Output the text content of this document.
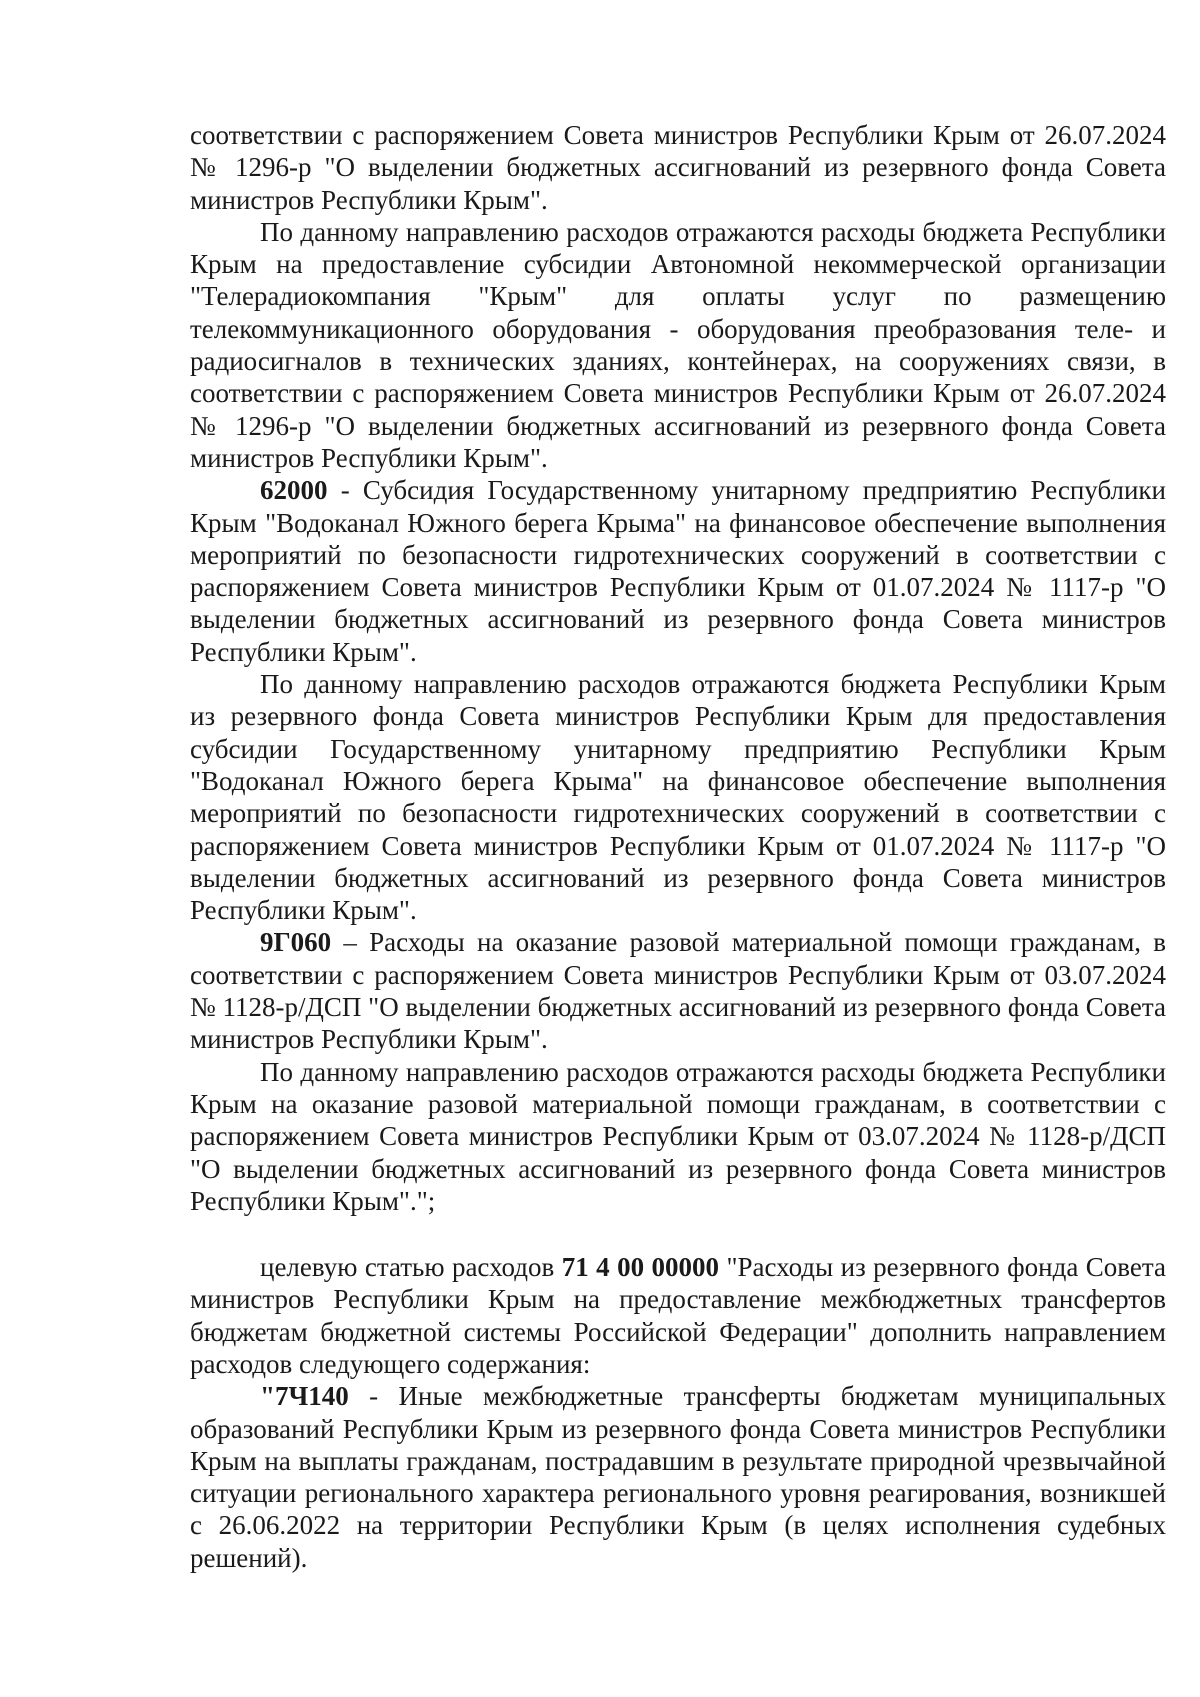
соответствии с распоряжением Совета министров Республики Крым от 26.07.2024 № 1296-р "О выделении бюджетных ассигнований из резервного фонда Совета министров Республики Крым".

По данному направлению расходов отражаются расходы бюджета Республики Крым на предоставление субсидии Автономной некоммерческой организации "Телерадиокомпания "Крым" для оплаты услуг по размещению телекоммуникационного оборудования - оборудования преобразования теле- и радиосигналов в технических зданиях, контейнерах, на сооружениях связи, в соответствии с распоряжением Совета министров Республики Крым от 26.07.2024 № 1296-р "О выделении бюджетных ассигнований из резервного фонда Совета министров Республики Крым".

62000 - Субсидия Государственному унитарному предприятию Республики Крым "Водоканал Южного берега Крыма" на финансовое обеспечение выполнения мероприятий по безопасности гидротехнических сооружений в соответствии с распоряжением Совета министров Республики Крым от 01.07.2024 № 1117-р "О выделении бюджетных ассигнований из резервного фонда Совета министров Республики Крым".

По данному направлению расходов отражаются бюджета Республики Крым из резервного фонда Совета министров Республики Крым для предоставления субсидии Государственному унитарному предприятию Республики Крым "Водоканал Южного берега Крыма" на финансовое обеспечение выполнения мероприятий по безопасности гидротехнических сооружений в соответствии с распоряжением Совета министров Республики Крым от 01.07.2024 № 1117-р "О выделении бюджетных ассигнований из резервного фонда Совета министров Республики Крым".

9Г060 – Расходы на оказание разовой материальной помощи гражданам, в соответствии с распоряжением Совета министров Республики Крым от 03.07.2024 № 1128-р/ДСП "О выделении бюджетных ассигнований из резервного фонда Совета министров Республики Крым".

По данному направлению расходов отражаются расходы бюджета Республики Крым на оказание разовой материальной помощи гражданам, в соответствии с распоряжением Совета министров Республики Крым от 03.07.2024 № 1128-р/ДСП "О выделении бюджетных ассигнований из резервного фонда Совета министров Республики Крым".";

целевую статью расходов 71 4 00 00000 "Расходы из резервного фонда Совета министров Республики Крым на предоставление межбюджетных трансфертов бюджетам бюджетной системы Российской Федерации" дополнить направлением расходов следующего содержания:

"7Ч140 - Иные межбюджетные трансферты бюджетам муниципальных образований Республики Крым из резервного фонда Совета министров Республики Крым на выплаты гражданам, пострадавшим в результате природной чрезвычайной ситуации регионального характера регионального уровня реагирования, возникшей с 26.06.2022 на территории Республики Крым (в целях исполнения судебных решений).
